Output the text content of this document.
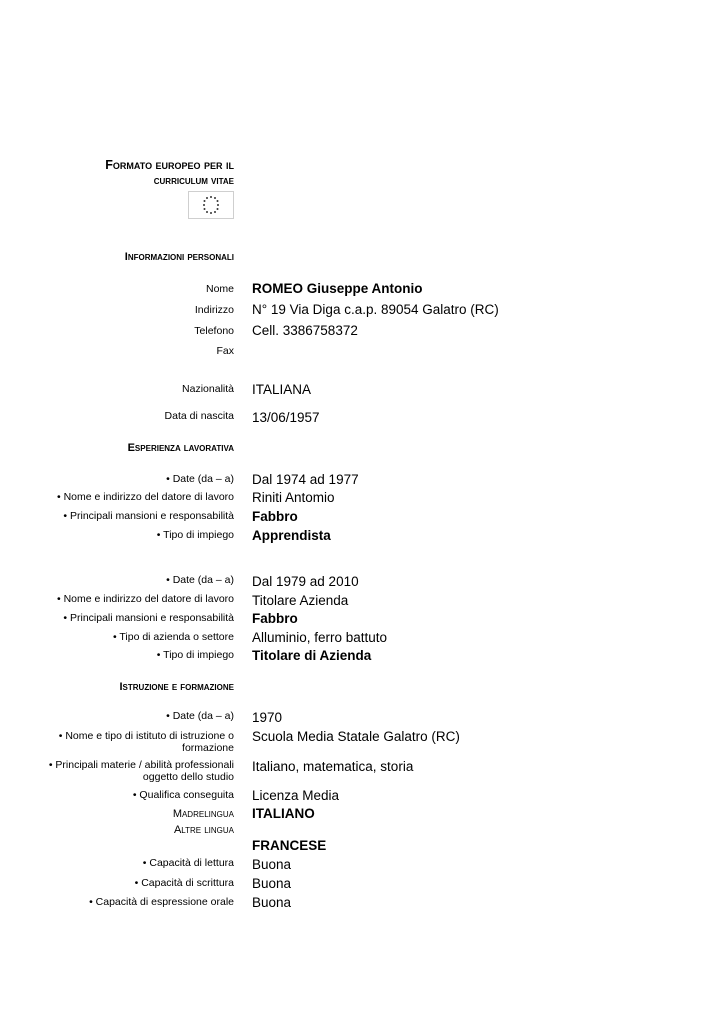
Formato europeo per il
curriculum vitae
Informazioni personali
Nome ROMEO Giuseppe Antonio
Indirizzo N° 19 Via Diga c.a.p. 89054 Galatro (RC)
Telefono Cell. 3386758372
Fax
Nazionalità ITALIANA
Data di nascita 13/06/1957
Esperienza lavorativa
• Date (da – a) Dal 1974 ad 1977
• Nome e indirizzo del datore di lavoro Riniti Antomio
• Principali mansioni e responsabilità Fabbro
• Tipo di impiego Apprendista
• Date (da – a) Dal 1979 ad 2010
• Nome e indirizzo del datore di lavoro Titolare Azienda
• Principali mansioni e responsabilità Fabbro
• Tipo di azienda o settore Alluminio, ferro battuto
• Tipo di impiego Titolare di Azienda
Istruzione e formazione
• Date (da – a) 1970
• Nome e tipo di istituto di istruzione o formazione
Scuola Media Statale Galatro (RC)
• Principali materie / abilità professionali oggetto dello studio
Italiano, matematica, storia
• Qualifica conseguita Licenza Media
Madrelingua ITALIANO
Altre lingua
FRANCESE
• Capacità di lettura Buona
• Capacità di scrittura Buona
• Capacità di espressione orale Buona
